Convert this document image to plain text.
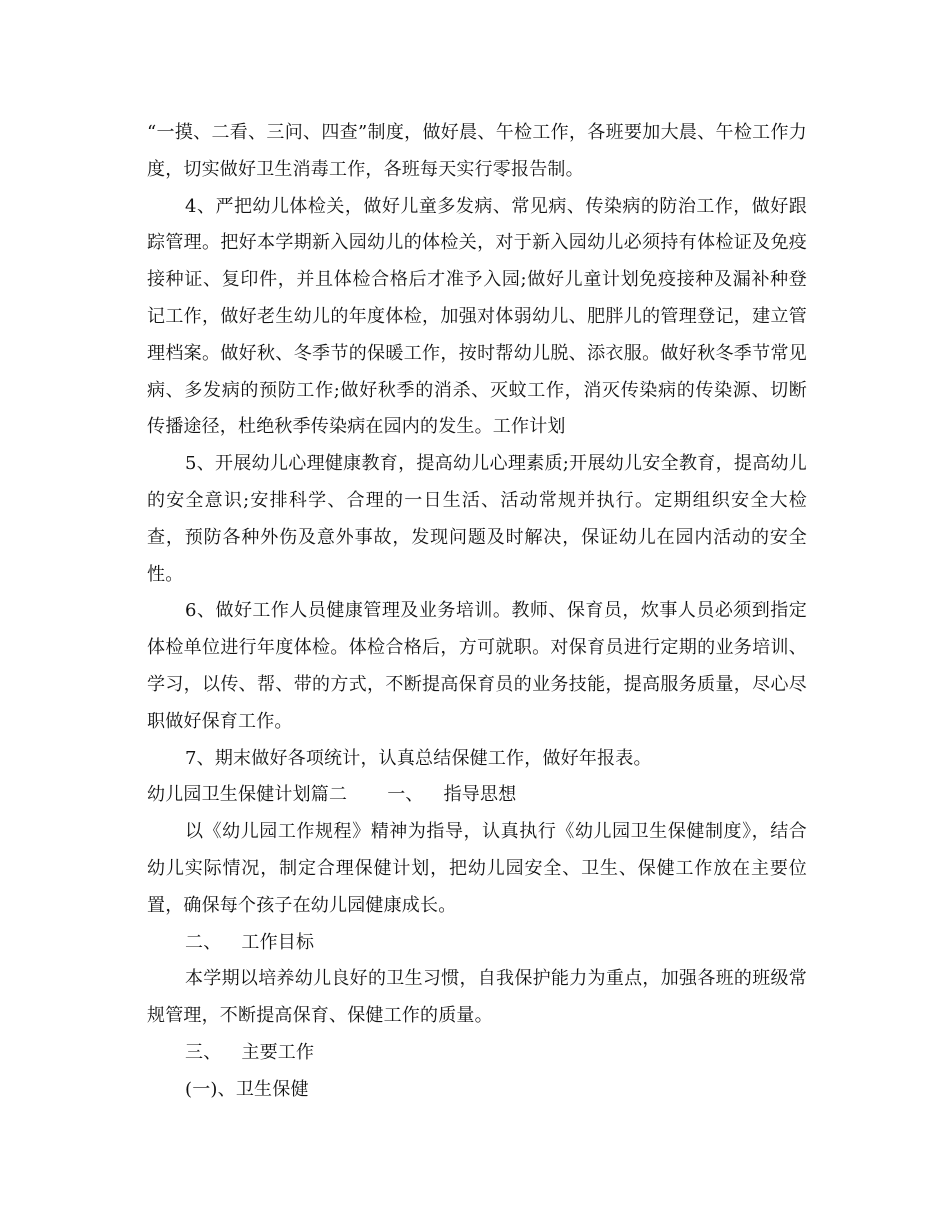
“一摸、二看、三问、四查”制度，做好晨、午检工作，各班要加大晨、午检工作力度，切实做好卫生消毒工作，各班每天实行零报告制。

4、严把幼儿体检关，做好儿童多发病、常见病、传染病的防治工作，做好跟踪管理。把好本学期新入园幼儿的体检关，对于新入园幼儿必须持有体检证及免疫接种证、复印件，并且体检合格后才准予入园;做好儿童计划免疫接种及漏补种登记工作，做好老生幼儿的年度体检，加强对体弱幼儿、肥胖儿的管理登记，建立管理档案。做好秋、冬季节的保暖工作，按时帮幼儿脱、添衣服。做好秋冬季节常见病、多发病的预防工作;做好秋季的消杀、灭蚊工作，消灭传染病的传染源、切断传播途径，杜绝秋季传染病在园内的发生。工作计划

5、开展幼儿心理健康教育，提高幼儿心理素质;开展幼儿安全教育，提高幼儿的安全意识;安排科学、合理的一日生活、活动常规并执行。定期组织安全大检查，预防各种外伤及意外事故，发现问题及时解决，保证幼儿在园内活动的安全性。

6、做好工作人员健康管理及业务培训。教师、保育员，炊事人员必须到指定体检单位进行年度体检。体检合格后，方可就职。对保育员进行定期的业务培训、学习，以传、帮、带的方式，不断提高保育员的业务技能，提高服务质量，尽心尽职做好保育工作。

7、期末做好各项统计，认真总结保健工作，做好年报表。

幼儿园卫生保健计划篇二 一、 指导思想

以《幼儿园工作规程》精神为指导，认真执行《幼儿园卫生保健制度》，结合幼儿实际情况，制定合理保健计划，把幼儿园安全、卫生、保健工作放在主要位置，确保每个孩子在幼儿园健康成长。

二、 工作目标

本学期以培养幼儿良好的卫生习惯，自我保护能力为重点，加强各班的班级常规管理，不断提高保育、保健工作的质量。

三、 主要工作

(一)、卫生保健
